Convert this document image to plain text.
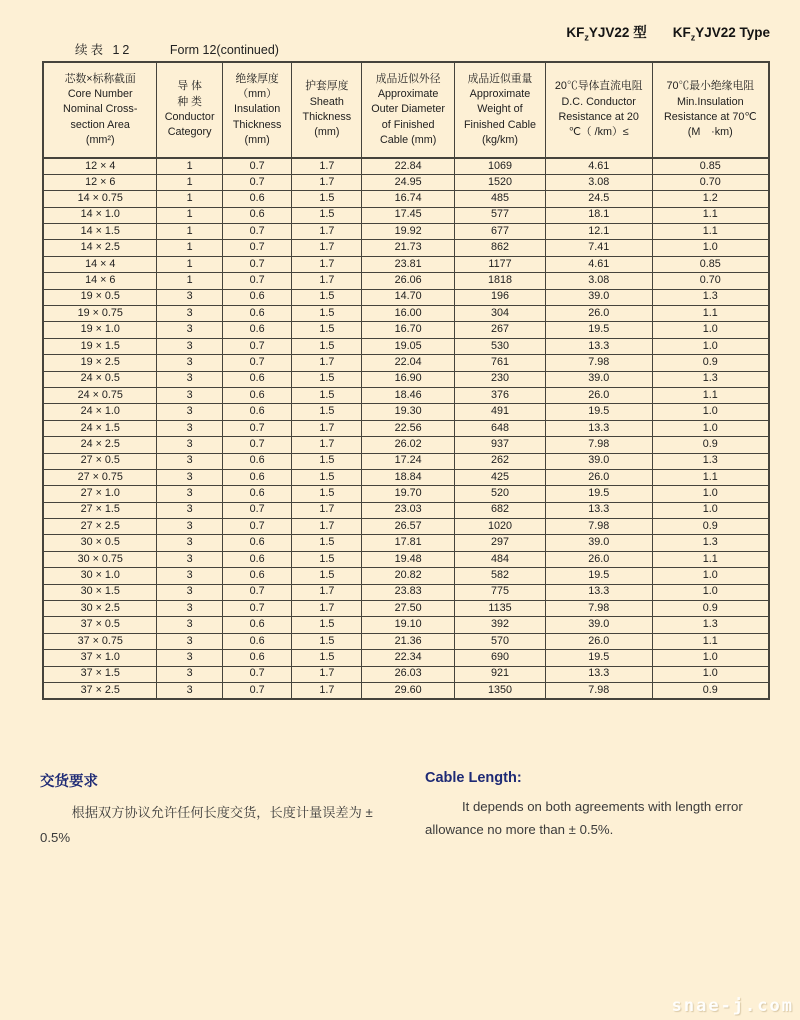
$KF_zYJV22$ 型 $KF_zYJV22$ Type
续表 12	Form 12(continued)
芯数×标称截面
Core Number
Nominal Cross-
section Area
(mm²)	导 体
种 类
Conductor
Category	绝缘厚度
（mm）
Insulation
Thickness
(mm)	护套厚度
Sheath
Thickness
(mm)	成品近似外径
Approximate
Outer Diameter
of Finished
Cable (mm)	成品近似重量
Approximate
Weight of
Finished Cable
(kg/km)	20℃导体直流电阻
D.C. Conductor
Resistance at 20
℃（ /km）≤	70℃最小绝缘电阻
Min.Insulation
Resistance at 70℃
(M　·km)

12 × 4	1	0.7	1.7	22.84	1069	4.61	0.85
12 × 6	1	0.7	1.7	24.95	1520	3.08	0.70
14 × 0.75	1	0.6	1.5	16.74	485	24.5	1.2
14 × 1.0	1	0.6	1.5	17.45	577	18.1	1.1
14 × 1.5	1	0.7	1.7	19.92	677	12.1	1.1
14 × 2.5	1	0.7	1.7	21.73	862	7.41	1.0
14 × 4	1	0.7	1.7	23.81	1177	4.61	0.85
14 × 6	1	0.7	1.7	26.06	1818	3.08	0.70
19 × 0.5	3	0.6	1.5	14.70	196	39.0	1.3
19 × 0.75	3	0.6	1.5	16.00	304	26.0	1.1
19 × 1.0	3	0.6	1.5	16.70	267	19.5	1.0
19 × 1.5	3	0.7	1.5	19.05	530	13.3	1.0
19 × 2.5	3	0.7	1.7	22.04	761	7.98	0.9
24 × 0.5	3	0.6	1.5	16.90	230	39.0	1.3
24 × 0.75	3	0.6	1.5	18.46	376	26.0	1.1
24 × 1.0	3	0.6	1.5	19.30	491	19.5	1.0
24 × 1.5	3	0.7	1.7	22.56	648	13.3	1.0
24 × 2.5	3	0.7	1.7	26.02	937	7.98	0.9
27 × 0.5	3	0.6	1.5	17.24	262	39.0	1.3
27 × 0.75	3	0.6	1.5	18.84	425	26.0	1.1
27 × 1.0	3	0.6	1.5	19.70	520	19.5	1.0
27 × 1.5	3	0.7	1.7	23.03	682	13.3	1.0
27 × 2.5	3	0.7	1.7	26.57	1020	7.98	0.9
30 × 0.5	3	0.6	1.5	17.81	297	39.0	1.3
30 × 0.75	3	0.6	1.5	19.48	484	26.0	1.1
30 × 1.0	3	0.6	1.5	20.82	582	19.5	1.0
30 × 1.5	3	0.7	1.7	23.83	775	13.3	1.0
30 × 2.5	3	0.7	1.7	27.50	1135	7.98	0.9
37 × 0.5	3	0.6	1.5	19.10	392	39.0	1.3
37 × 0.75	3	0.6	1.5	21.36	570	26.0	1.1
37 × 1.0	3	0.6	1.5	22.34	690	19.5	1.0
37 × 1.5	3	0.7	1.7	26.03	921	13.3	1.0
37 × 2.5	3	0.7	1.7	29.60	1350	7.98	0.9
交货要求

根据双方协议允许任何长度交货，长度计量误差为 ± 0.5%

Cable Length:

It depends on both agreements with length error allowance no more than ± 0.5%.

snae-j.com
